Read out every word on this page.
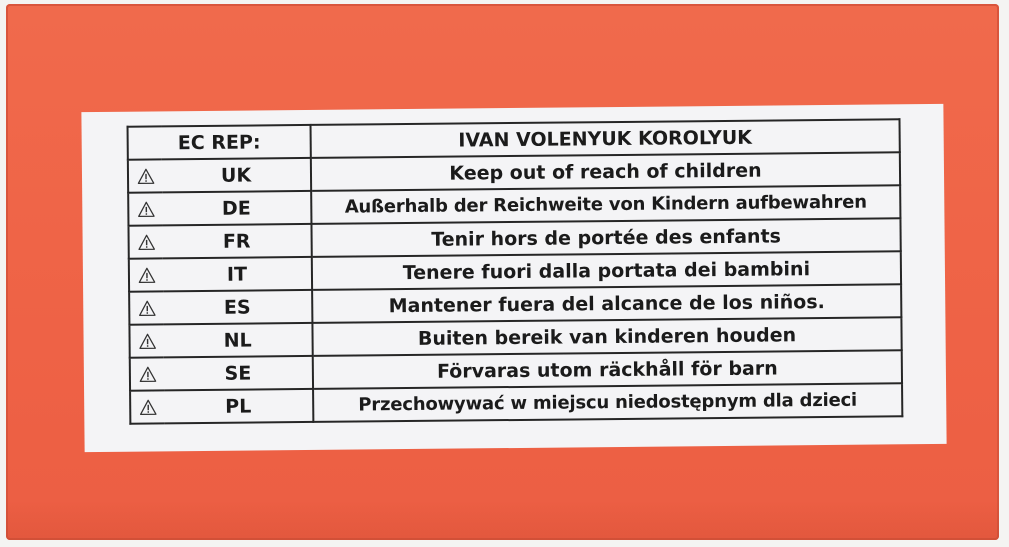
EC REP:		IVAN VOLENYUK KOROLYUK
	UK	Keep out of reach of children
	DE	Außerhalb der Reichweite von Kindern aufbewahren
	FR	Tenir hors de portée des enfants
	IT	Tenere fuori dalla portata dei bambini
	ES	Mantener fuera del alcance de los niños.
	NL	Buiten bereik van kinderen houden
	SE	Förvaras utom räckhåll för barn
	PL	Przechowywać w miejscu niedostępnym dla dzieci
